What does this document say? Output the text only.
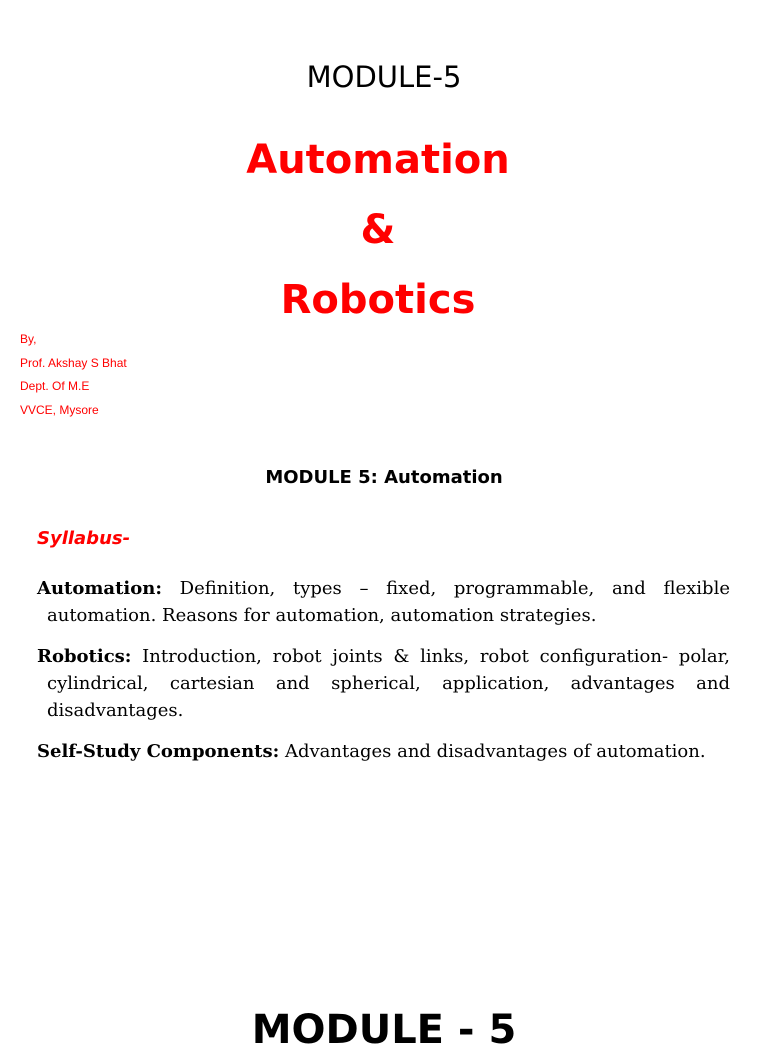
MODULE-5
Automation
&
Robotics
By,
Prof. Akshay S Bhat
Dept. Of M.E
VVCE, Mysore
MODULE 5: Automation
Syllabus-

Automation: Definition, types – fixed, programmable, and flexible automation. Reasons for automation, automation strategies.

Robotics: Introduction, robot joints & links, robot configuration- polar, cylindrical, cartesian and spherical, application, advantages and disadvantages.

Self-Study Components: Advantages and disadvantages of automation.

MODULE - 5
